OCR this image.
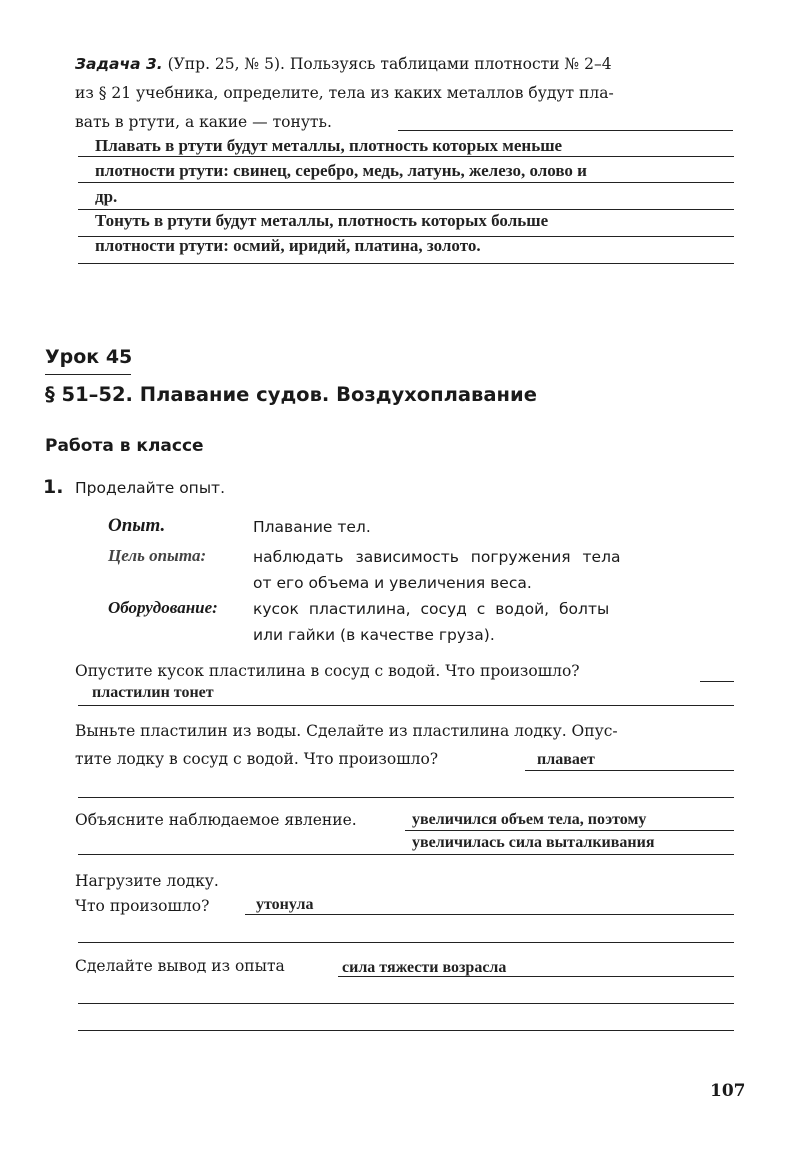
Задача 3. (Упр. 25, № 5). Пользуясь таблицами плотности № 2–4
из § 21 учебника, определите, тела из каких металлов будут пла-
вать в ртути, а какие — тонуть.
Плавать в ртути будут металлы, плотность которых меньше
плотности ртути: свинец, серебро, медь, латунь, железо, олово и
др.
Тонуть в ртути будут металлы, плотность которых больше
плотности ртути: осмий, иридий, платина, золото.
Урок 45
§ 51–52. Плавание судов. Воздухоплавание
Работа в классе
1. Проделайте опыт.
Опыт.	Плавание тел.
Цель опыта:	наблюдать зависимость погружения тела
от его объема и увеличения веса.
Оборудование: кусок пластилина, сосуд с водой, болты
или гайки (в качестве груза).
Опустите кусок пластилина в сосуд с водой. Что произошло?
пластилин тонет
Выньте пластилин из воды. Сделайте из пластилина лодку. Опус-
тите лодку в сосуд с водой. Что произошло?	плавает
Объясните наблюдаемое явление.	увеличился объем тела, поэтому
увеличилась сила выталкивания
Нагрузите лодку.
Что произошло?	утонула
Сделайте вывод из опыта	сила тяжести возрасла
107
